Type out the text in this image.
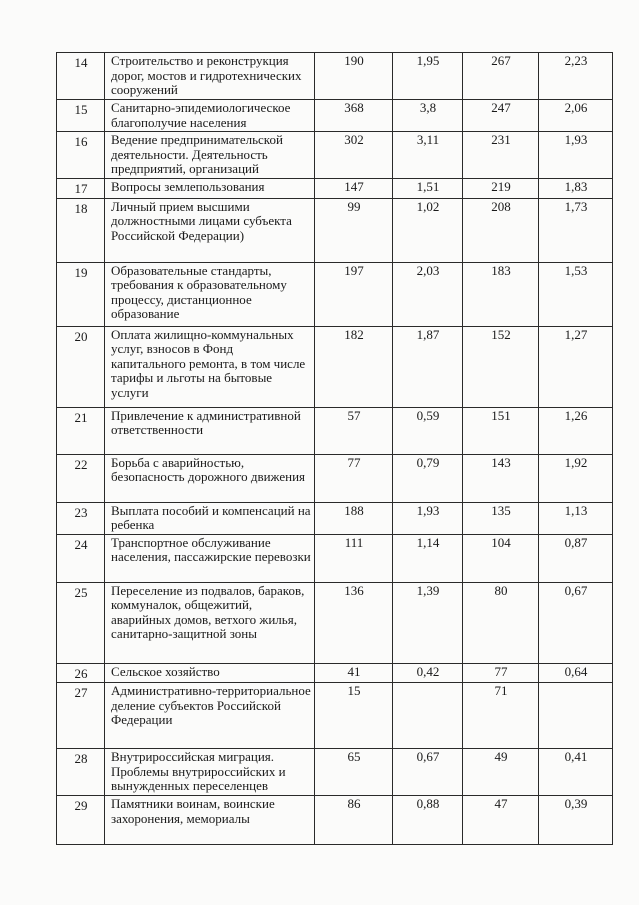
14	Строительство и реконструкция дорог, мостов и гидротехнических сооружений	190	1,95	267	2,23
15	Санитарно-эпидемиологическое благополучие населения	368	3,8	247	2,06
16	Ведение предпринимательской деятельности. Деятельность предприятий, организаций	302	3,11	231	1,93
17	Вопросы землепользования	147	1,51	219	1,83
18	Личный прием высшими должностными лицами субъекта Российской Федерации)	99	1,02	208	1,73
19	Образовательные стандарты, требования к образовательному процессу, дистанционное образование	197	2,03	183	1,53
20	Оплата жилищно-коммунальных услуг, взносов в Фонд капитального ремонта, в том числе тарифы и льготы на бытовые услуги	182	1,87	152	1,27
21	Привлечение к административной ответственности	57	0,59	151	1,26
22	Борьба с аварийностью, безопасность дорожного движения	77	0,79	143	1,92
23	Выплата пособий и компенсаций на ребенка	188	1,93	135	1,13
24	Транспортное обслуживание населения, пассажирские перевозки	111	1,14	104	0,87
25	Переселение из подвалов, бараков, коммуналок, общежитий, аварийных домов, ветхого жилья, санитарно-защитной зоны	136	1,39	80	0,67
26	Сельское хозяйство	41	0,42	77	0,64
27	Административно-территориальное деление субъектов Российской Федерации	15		71	
28	Внутрироссийская миграция. Проблемы внутрироссийских и вынужденных переселенцев	65	0,67	49	0,41
29	Памятники воинам, воинские захоронения, мемориалы	86	0,88	47	0,39
